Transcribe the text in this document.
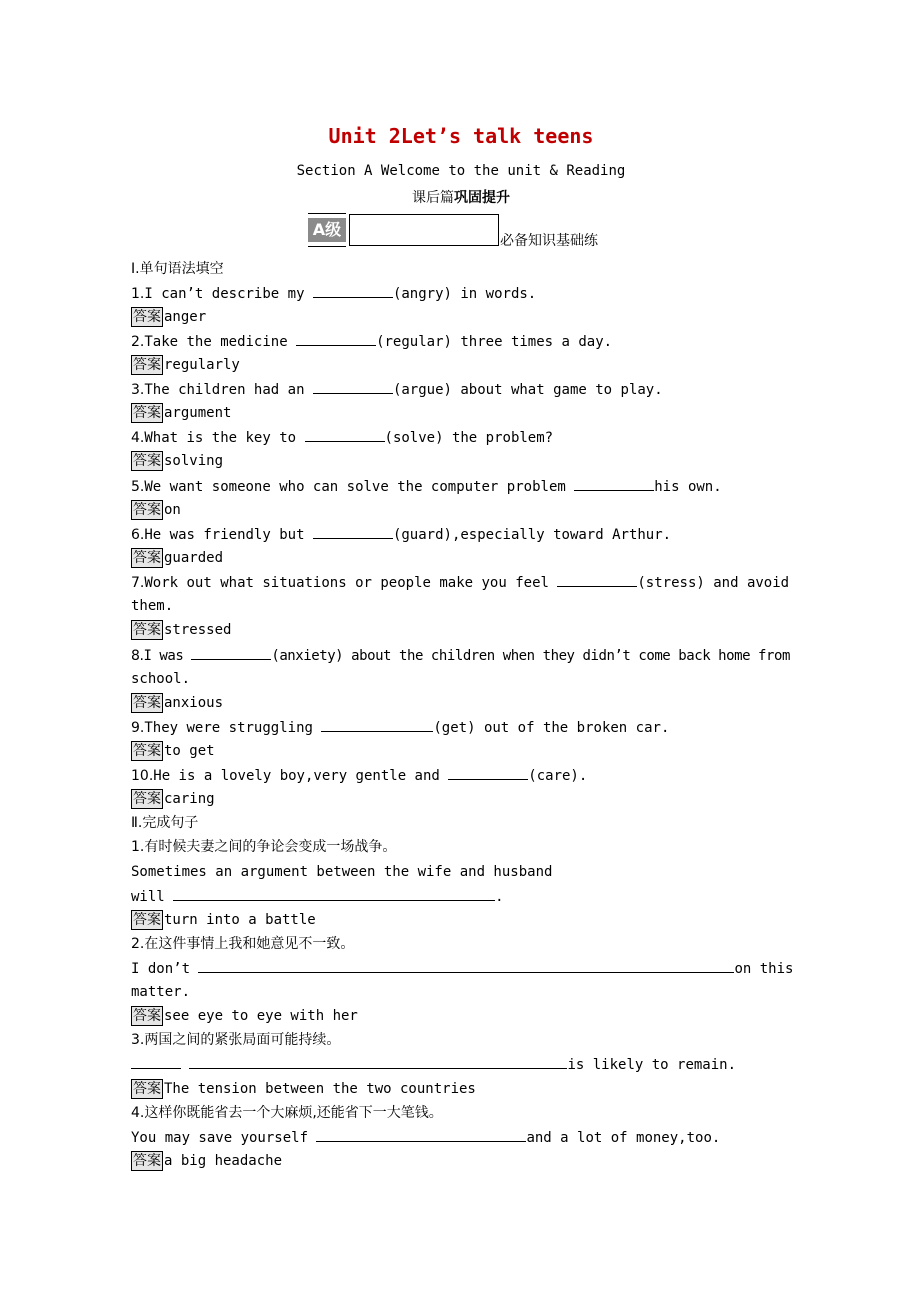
Unit 2Let’s talk teens
Section A Welcome to the unit & Reading
课后篇巩固提升
A级
必备知识基础练
Ⅰ.单句语法填空
1.I can’t describe my	(angry) in words.
答案 anger
2.Take the medicine	(regular) three times a day.
答案 regularly
3.The children had an	(argue) about what game to play.
答案 argument
4.What is the key to	(solve) the problem?
答案 solving
5.We want someone who can solve the computer problem	his own.
答案 on
6.He was friendly but	(guard),especially toward Arthur.
答案 guarded
7.Work out what situations or people make you feel	(stress) and avoid
them.
答案 stressed
8.I was	(anxiety) about the children when they didn’t come back home from
school.
答案 anxious
9.They were struggling	(get) out of the broken car.
答案 to get
10.He is a lovely boy,very gentle and	(care).
答案 caring
Ⅱ.完成句子
1.有时候夫妻之间的争论会变成一场战争。
Sometimes an argument between the wife and husband
will	.
答案 turn into a battle
2.在这件事情上我和她意见不一致。
I don’t	on this
matter.
答案 see eye to eye with her
3.两国之间的紧张局面可能持续。
is likely to remain.
答案 The tension between the two countries
4.这样你既能省去一个大麻烦,还能省下一大笔钱。
You may save yourself	and a lot of money,too.
答案 a big headache
